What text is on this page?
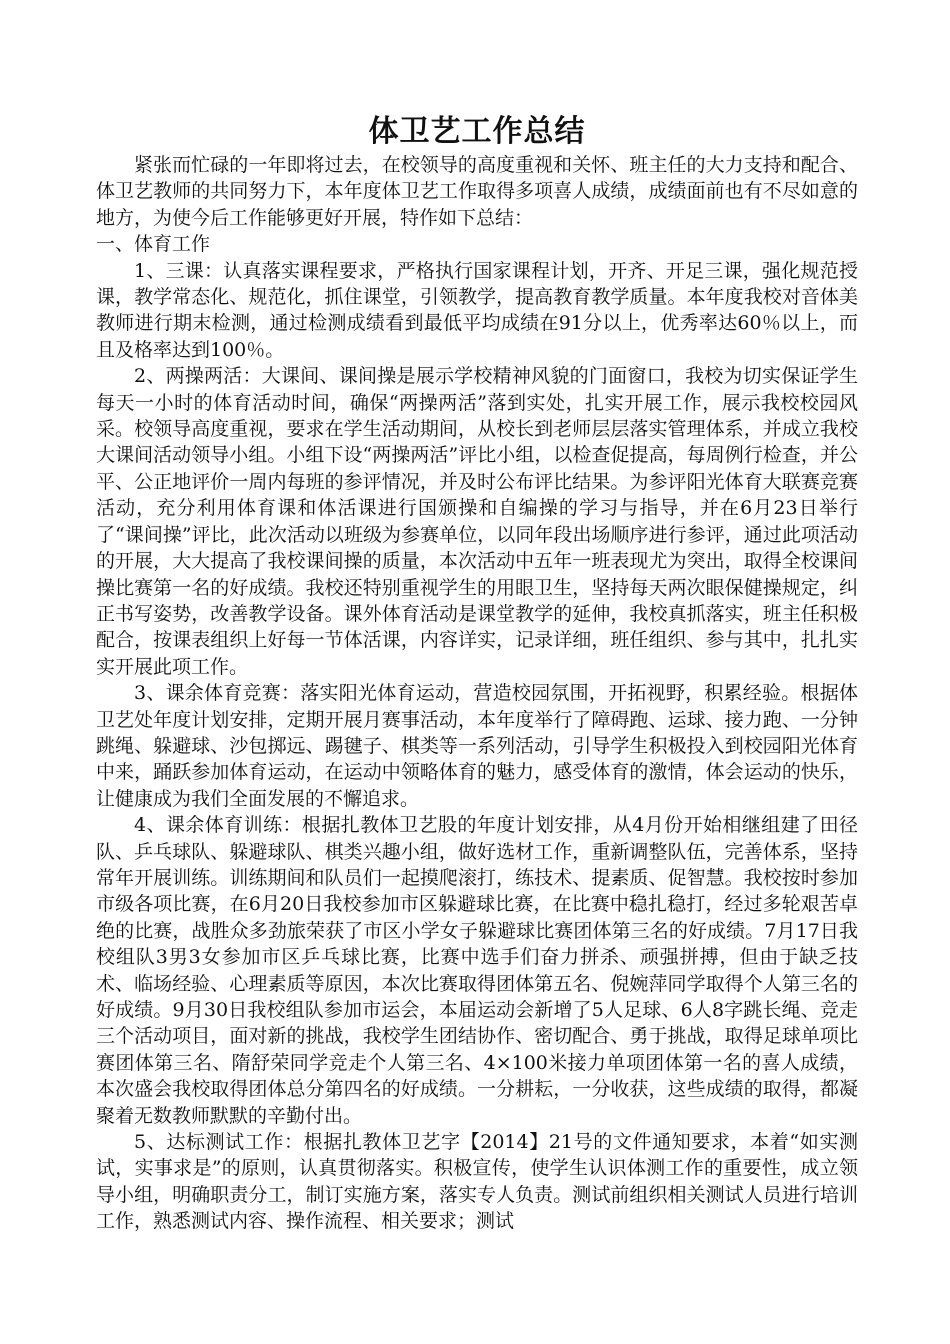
体卫艺工作总结

紧张而忙碌的一年即将过去，在校领导的高度重视和关怀、班主任的大力支持和配合、体卫艺教师的共同努力下，本年度体卫艺工作取得多项喜人成绩，成绩面前也有不尽如意的地方，为使今后工作能够更好开展，特作如下总结：

一、体育工作

1、三课：认真落实课程要求，严格执行国家课程计划，开齐、开足三课，强化规范授课，教学常态化、规范化，抓住课堂，引领教学，提高教育教学质量。本年度我校对音体美教师进行期末检测，通过检测成绩看到最低平均成绩在91分以上，优秀率达60％以上，而且及格率达到100％。

2、两操两活：大课间、课间操是展示学校精神风貌的门面窗口，我校为切实保证学生每天一小时的体育活动时间，确保“两操两活”落到实处，扎实开展工作，展示我校校园风采。校领导高度重视，要求在学生活动期间，从校长到老师层层落实管理体系，并成立我校大课间活动领导小组。小组下设“两操两活”评比小组，以检查促提高，每周例行检查，并公平、公正地评价一周内每班的参评情况，并及时公布评比结果。为参评阳光体育大联赛竞赛活动，充分利用体育课和体活课进行国颁操和自编操的学习与指导，并在6月23日举行了“课间操”评比，此次活动以班级为参赛单位，以同年段出场顺序进行参评，通过此项活动的开展，大大提高了我校课间操的质量，本次活动中五年一班表现尤为突出，取得全校课间操比赛第一名的好成绩。我校还特别重视学生的用眼卫生，坚持每天两次眼保健操规定，纠正书写姿势，改善教学设备。课外体育活动是课堂教学的延伸，我校真抓落实，班主任积极配合，按课表组织上好每一节体活课，内容详实，记录详细，班任组织、参与其中，扎扎实实开展此项工作。

3、课余体育竞赛：落实阳光体育运动，营造校园氛围，开拓视野，积累经验。根据体卫艺处年度计划安排，定期开展月赛事活动，本年度举行了障碍跑、运球、接力跑、一分钟跳绳、躲避球、沙包掷远、踢毽子、棋类等一系列活动，引导学生积极投入到校园阳光体育中来，踊跃参加体育运动，在运动中领略体育的魅力，感受体育的激情，体会运动的快乐，让健康成为我们全面发展的不懈追求。

4、课余体育训练：根据扎教体卫艺股的年度计划安排，从4月份开始相继组建了田径队、乒乓球队、躲避球队、棋类兴趣小组，做好选材工作，重新调整队伍，完善体系，坚持常年开展训练。训练期间和队员们一起摸爬滚打，练技术、提素质、促智慧。我校按时参加市级各项比赛，在6月20日我校参加市区躲避球比赛，在比赛中稳扎稳打，经过多轮艰苦卓绝的比赛，战胜众多劲旅荣获了市区小学女子躲避球比赛团体第三名的好成绩。7月17日我校组队3男3女参加市区乒乓球比赛，比赛中选手们奋力拼杀、顽强拼搏，但由于缺乏技术、临场经验、心理素质等原因，本次比赛取得团体第五名、倪婉萍同学取得个人第三名的好成绩。9月30日我校组队参加市运会，本届运动会新增了5人足球、6人8字跳长绳、竞走三个活动项目，面对新的挑战，我校学生团结协作、密切配合、勇于挑战，取得足球单项比赛团体第三名、隋舒荣同学竞走个人第三名、4×100米接力单项团体第一名的喜人成绩，本次盛会我校取得团体总分第四名的好成绩。一分耕耘，一分收获，这些成绩的取得，都凝聚着无数教师默默的辛勤付出。

5、达标测试工作：根据扎教体卫艺字【2014】21号的文件通知要求，本着“如实测试，实事求是”的原则，认真贯彻落实。积极宣传，使学生认识体测工作的重要性，成立领导小组，明确职责分工，制订实施方案，落实专人负责。测试前组织相关测试人员进行培训工作，熟悉测试内容、操作流程、相关要求；测试
